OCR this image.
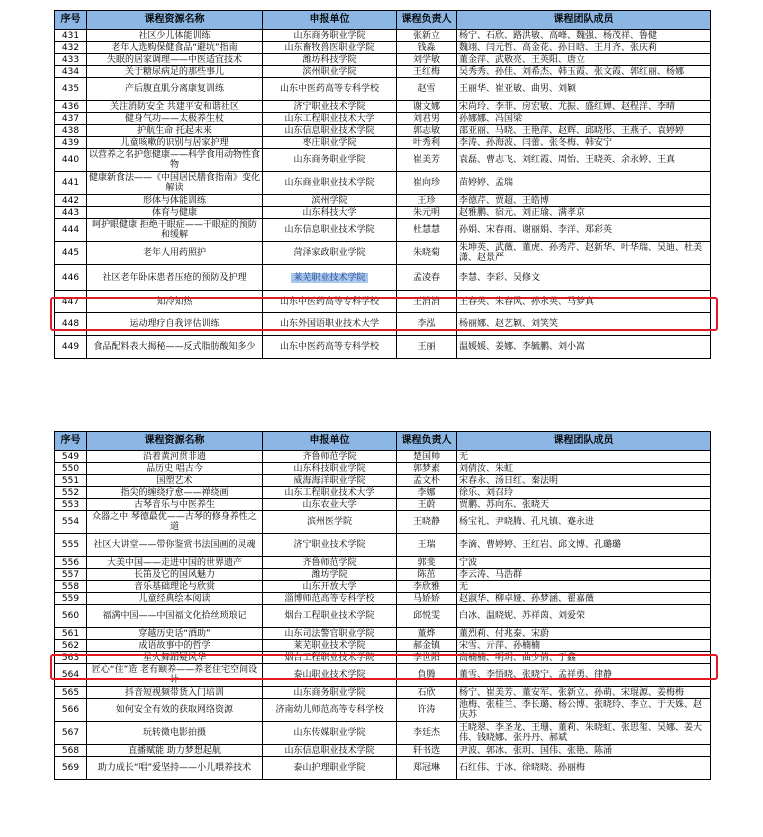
序号	课程资源名称	申报单位	课程负责人	课程团队成员
431	社区少儿体能训练	山东商务职业学院	张新立	杨宁、石欣、路洪敏、高峰、魏强、杨茂祥、鲁健
432	老年人选购保健食品“避坑”指南	山东畜牧兽医职业学院	钱淼	魏翊、闫元哲、高金花、孙日晗、王月齐、张庆莉
433	失眠的居家调理——中医适宜技术	潍坊科技学院	刘学敏	董金萍、武敬亮、王英阳、唐立
434	关于糖尿病足的那些事儿	滨州职业学院	王红梅	吴秀秀、孙佳、刘希杰、韩玉霞、张文霞、郭红丽、杨娜
435	产后腹直肌分离康复训练	山东中医药高等专科学校	赵雪	王丽华、崔亚敏、曲男、刘颖
436	关注消防安全 共建平安和谐社区	济宁职业技术学院	谢文娜	宋尚玲、李菲、房宏敏、尤振、盛红婵、赵程洋、李晴
437	健身气功——太极养生杖	山东工程职业技术大学	刘君男	孙娜娜、冯国梁
438	护航生命 托起未来	山东信息职业技术学院	郭志敏	邵亚丽、马晓、王艳萍、赵辉、邱晓彤、王燕子、袁婷婷
439	儿童咳嗽的识别与居家护理	枣庄职业学院	叶秀利	李涛、孙海波、闫蕾、张冬梅、韩安宁
440	以营养之名护您健康——科学食用动物性食物	山东商务职业学院	崔美芳	袁磊、曹志飞、刘红霞、周怡、王晓英、余永婷、王真
441	健康新食法——《中国居民膳食指南》变化解读	山东商业职业技术学院	崔向珍	苗婷婷、孟瑞
442	形体与体能训练	滨州学院	王珍	李德芹、贾超、王皓博
443	体育与健康	山东科技大学	朱元明	赵雅鹏、宿元、刘正瑜、满孝京
444	呵护眼健康 拒绝干眼症——干眼症的预防和缓解	山东信息职业技术学院	杜慧慧	孙娟、宋春雨、谢丽娟、李洋、郑彩英
445	老年人用药照护	菏泽家政职业学院	朱晓菊	朱坤英、武薇、董虎、孙秀芹、赵新华、叶华瑞、吴迪、杜美潇、赵景严
446	社区老年卧床患者压疮的预防及护理	莱芜职业技术学院	孟凌春	李慧、李彩、吴修文
447	知冷知热	山东中医药高等专科学校	王消消	王春英、朱春风、孙永英、马梦真
448	运动理疗自我评估训练	山东外国语职业技术大学	李泓	杨丽娜、赵艺颖、刘笑笑
449	食品配料表大揭秘——反式脂肪酸知多少	山东中医药高等专科学校	王丽	温媛媛、姜娜、李毓鹏、刘小嵩
序号	课程资源名称	申报单位	课程负责人	课程团队成员
549	沿着黄河贯非遗	齐鲁师范学院	楚国帅	无
550	品历史 唱古今	山东科技职业学院	郭梦素	刘倩汝、朱虹
551	国塑艺术	威海海洋职业学院	孟文朴	宋春永、汤日红、秦法明
552	指尖的缠绕疗愈——禅绕画	山东工程职业技术大学	李娜	徐乐、刘召玲
553	古琴音乐与中医养生	山东农业大学	王蔚	贾鹏、苏向东、张晓天
554	众器之中 琴德最优——古琴的修身养性之道	滨州医学院	王晓静	杨宝礼、尹晓腾、孔凡镇、蹇永进
555	社区大讲堂——带你鉴赏书法国画的灵魂	济宁职业技术学院	王瑞	李滴、曹婷婷、王红岩、邱文博、孔璐璐
556	大美中国——走进中国的世界遗产	齐鲁师范学院	郭斐	宁波
557	长笛及它的国风魅力	潍坊学院	陈茁	李云涛、马浩群
558	音乐基础理论与欣赏	山东开放大学	李欣雅	无
559	儿童经典绘本阅读	淄博师范高等专科学校	马娇娇	赵淑华、柳卓娅、孙梦涵、翟嘉薇
560	福满中国——中国福文化拾丝琐琅记	烟台工程职业技术学院	邱悦雯	白冰、温晓妮、苏祥茵、刘爱荣
561	穿越历史话“酒助”	山东司法警官职业学院	董烨	董烈莉、付兆泰、宋蔚
562	成语故事中的哲学	莱芜职业技术学院	郝金镇	宋雪、亓萍、孙楠楠
563	星火舞蹈疑风华	烟台工程职业技术学院	李世阳	高楠楠、明玥、曲少倩、于鑫
564	匠心“住”造 老有颐养——养老住宅空间设计	泰山职业技术学院	負腾	董雪、李悟晓、张晓宁、孟祥勇、律静
565	抖音短视频带货入门培训	山东商务职业学院	石欣	杨宁、崔美芳、董安军、张新立、孙萌、宋琨源、姜梅梅
566	如何安全有效的获取网络资源	济南幼儿师范高等专科学校	许涛	池梅、张桂兰、李长璐、杨公博、张晓玲、李立、于天姝、赵庆苏
567	玩转微电影拍摄	山东传媒职业学院	李廷杰	王晓翠、李圣龙、王珊、董莉、朱晓虹、张思玺、吴娜、姜大伟、钱晓娜、张丹丹、郝斌
568	直播赋能 助力梦想起航	山东信息职业技术学院	轩书选	尹波、郭冰、张玥、国伟、张艳、陈涌
569	助力成长“唱”爱坚持——小儿喂养技术	泰山护理职业学院	郑冠琳	石红伟、于冰、徐晓晓、孙丽梅
